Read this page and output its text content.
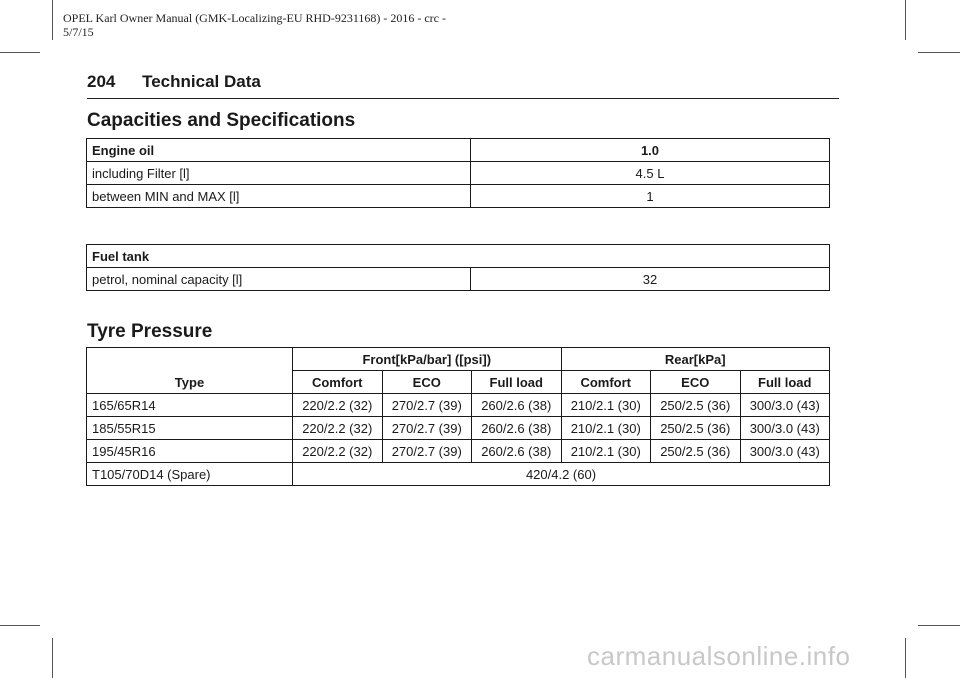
OPEL Karl Owner Manual (GMK-Localizing-EU RHD-9231168) - 2016 - crc -
5/7/15
204 Technical Data
Capacities and Specifications
Engine oil	1.0
including Filter [l]	4.5 L
between MIN and MAX [l]	1
Fuel tank
petrol, nominal capacity [l]	32
Tyre Pressure
Type	Front[kPa/bar] ([psi])			Rear[kPa]		
	Comfort	ECO	Full load	Comfort	ECO	Full load
165/65R14	220/2.2 (32)	270/2.7 (39)	260/2.6 (38)	210/2.1 (30)	250/2.5 (36)	300/3.0 (43)
185/55R15	220/2.2 (32)	270/2.7 (39)	260/2.6 (38)	210/2.1 (30)	250/2.5 (36)	300/3.0 (43)
195/45R16	220/2.2 (32)	270/2.7 (39)	260/2.6 (38)	210/2.1 (30)	250/2.5 (36)	300/3.0 (43)
T105/70D14 (Spare)	420/4.2 (60)					
carmanualsonline.info
